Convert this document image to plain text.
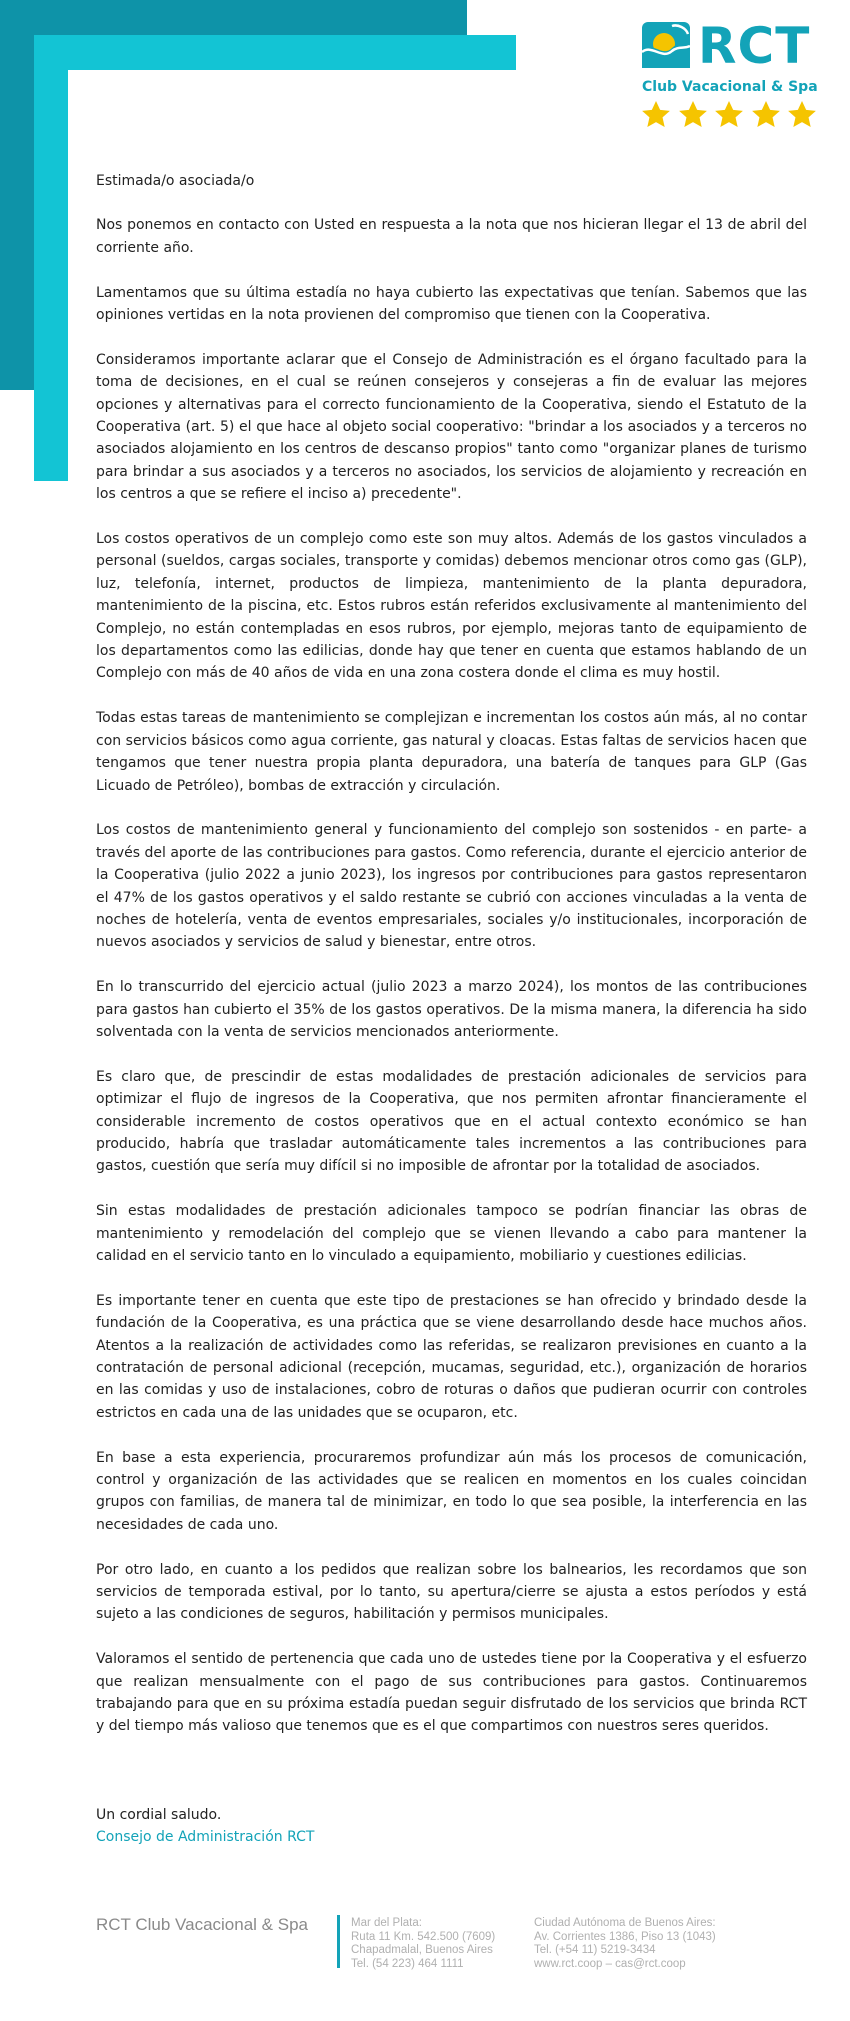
RCT
Club Vacacional & Spa

Estimada/o asociada/o

Nos ponemos en contacto con Usted en respuesta a la nota que nos hicieran llegar el 13 de abril del corriente año.

Lamentamos que su última estadía no haya cubierto las expectativas que tenían. Sabemos que las opiniones vertidas en la nota provienen del compromiso que tienen con la Cooperativa.

Consideramos importante aclarar que el Consejo de Administración es el órgano facultado para la toma de decisiones, en el cual se reúnen consejeros y consejeras a fin de evaluar las mejores opciones y alternativas para el correcto funcionamiento de la Cooperativa, siendo el Estatuto de la Cooperativa (art. 5) el que hace al objeto social cooperativo: "brindar a los asociados y a terceros no asociados alojamiento en los centros de descanso propios" tanto como "organizar planes de turismo para brindar a sus asociados y a terceros no asociados, los servicios de alojamiento y recreación en los centros a que se refiere el inciso a) precedente".

Los costos operativos de un complejo como este son muy altos. Además de los gastos vinculados a personal (sueldos, cargas sociales, transporte y comidas) debemos mencionar otros como gas (GLP), luz, telefonía, internet, productos de limpieza, mantenimiento de la planta depuradora, mantenimiento de la piscina, etc. Estos rubros están referidos exclusivamente al mantenimiento del Complejo, no están contempladas en esos rubros, por ejemplo, mejoras tanto de equipamiento de los departamentos como las edilicias, donde hay que tener en cuenta que estamos hablando de un Complejo con más de 40 años de vida en una zona costera donde el clima es muy hostil.

Todas estas tareas de mantenimiento se complejizan e incrementan los costos aún más, al no contar con servicios básicos como agua corriente, gas natural y cloacas. Estas faltas de servicios hacen que tengamos que tener nuestra propia planta depuradora, una batería de tanques para GLP (Gas Licuado de Petróleo), bombas de extracción y circulación.

Los costos de mantenimiento general y funcionamiento del complejo son sostenidos - en parte- a través del aporte de las contribuciones para gastos. Como referencia, durante el ejercicio anterior de la Cooperativa (julio 2022 a junio 2023), los ingresos por contribuciones para gastos representaron el 47% de los gastos operativos y el saldo restante se cubrió con acciones vinculadas a la venta de noches de hotelería, venta de eventos empresariales, sociales y/o institucionales, incorporación de nuevos asociados y servicios de salud y bienestar, entre otros.

En lo transcurrido del ejercicio actual (julio 2023 a marzo 2024), los montos de las contribuciones para gastos han cubierto el 35% de los gastos operativos. De la misma manera, la diferencia ha sido solventada con la venta de servicios mencionados anteriormente.

Es claro que, de prescindir de estas modalidades de prestación adicionales de servicios para optimizar el flujo de ingresos de la Cooperativa, que nos permiten afrontar financieramente el considerable incremento de costos operativos que en el actual contexto económico se han producido, habría que trasladar automáticamente tales incrementos a las contribuciones para gastos, cuestión que sería muy difícil si no imposible de afrontar por la totalidad de asociados.

Sin estas modalidades de prestación adicionales tampoco se podrían financiar las obras de mantenimiento y remodelación del complejo que se vienen llevando a cabo para mantener la calidad en el servicio tanto en lo vinculado a equipamiento, mobiliario y cuestiones edilicias.

Es importante tener en cuenta que este tipo de prestaciones se han ofrecido y brindado desde la fundación de la Cooperativa, es una práctica que se viene desarrollando desde hace muchos años. Atentos a la realización de actividades como las referidas, se realizaron previsiones en cuanto a la contratación de personal adicional (recepción, mucamas, seguridad, etc.), organización de horarios en las comidas y uso de instalaciones, cobro de roturas o daños que pudieran ocurrir con controles estrictos en cada una de las unidades que se ocuparon, etc.

En base a esta experiencia, procuraremos profundizar aún más los procesos de comunicación, control y organización de las actividades que se realicen en momentos en los cuales coincidan grupos con familias, de manera tal de minimizar, en todo lo que sea posible, la interferencia en las necesidades de cada uno.

Por otro lado, en cuanto a los pedidos que realizan sobre los balnearios, les recordamos que son servicios de temporada estival, por lo tanto, su apertura/cierre se ajusta a estos períodos y está sujeto a las condiciones de seguros, habilitación y permisos municipales.

Valoramos el sentido de pertenencia que cada uno de ustedes tiene por la Cooperativa y el esfuerzo que realizan mensualmente con el pago de sus contribuciones para gastos. Continuaremos trabajando para que en su próxima estadía puedan seguir disfrutado de los servicios que brinda RCT y del tiempo más valioso que tenemos que es el que compartimos con nuestros seres queridos.

Un cordial saludo.
Consejo de Administración RCT
RCT Club Vacacional & Spa	Mar del Plata:
Ruta 11 Km. 542.500 (7609)
Chapadmalal, Buenos Aires
Tel. (54 223) 464 1111
Ciudad Autónoma de Buenos Aires:
Av. Corrientes 1386, Piso 13 (1043)
Tel. (+54 11) 5219-3434
www.rct.coop – cas@rct.coop
